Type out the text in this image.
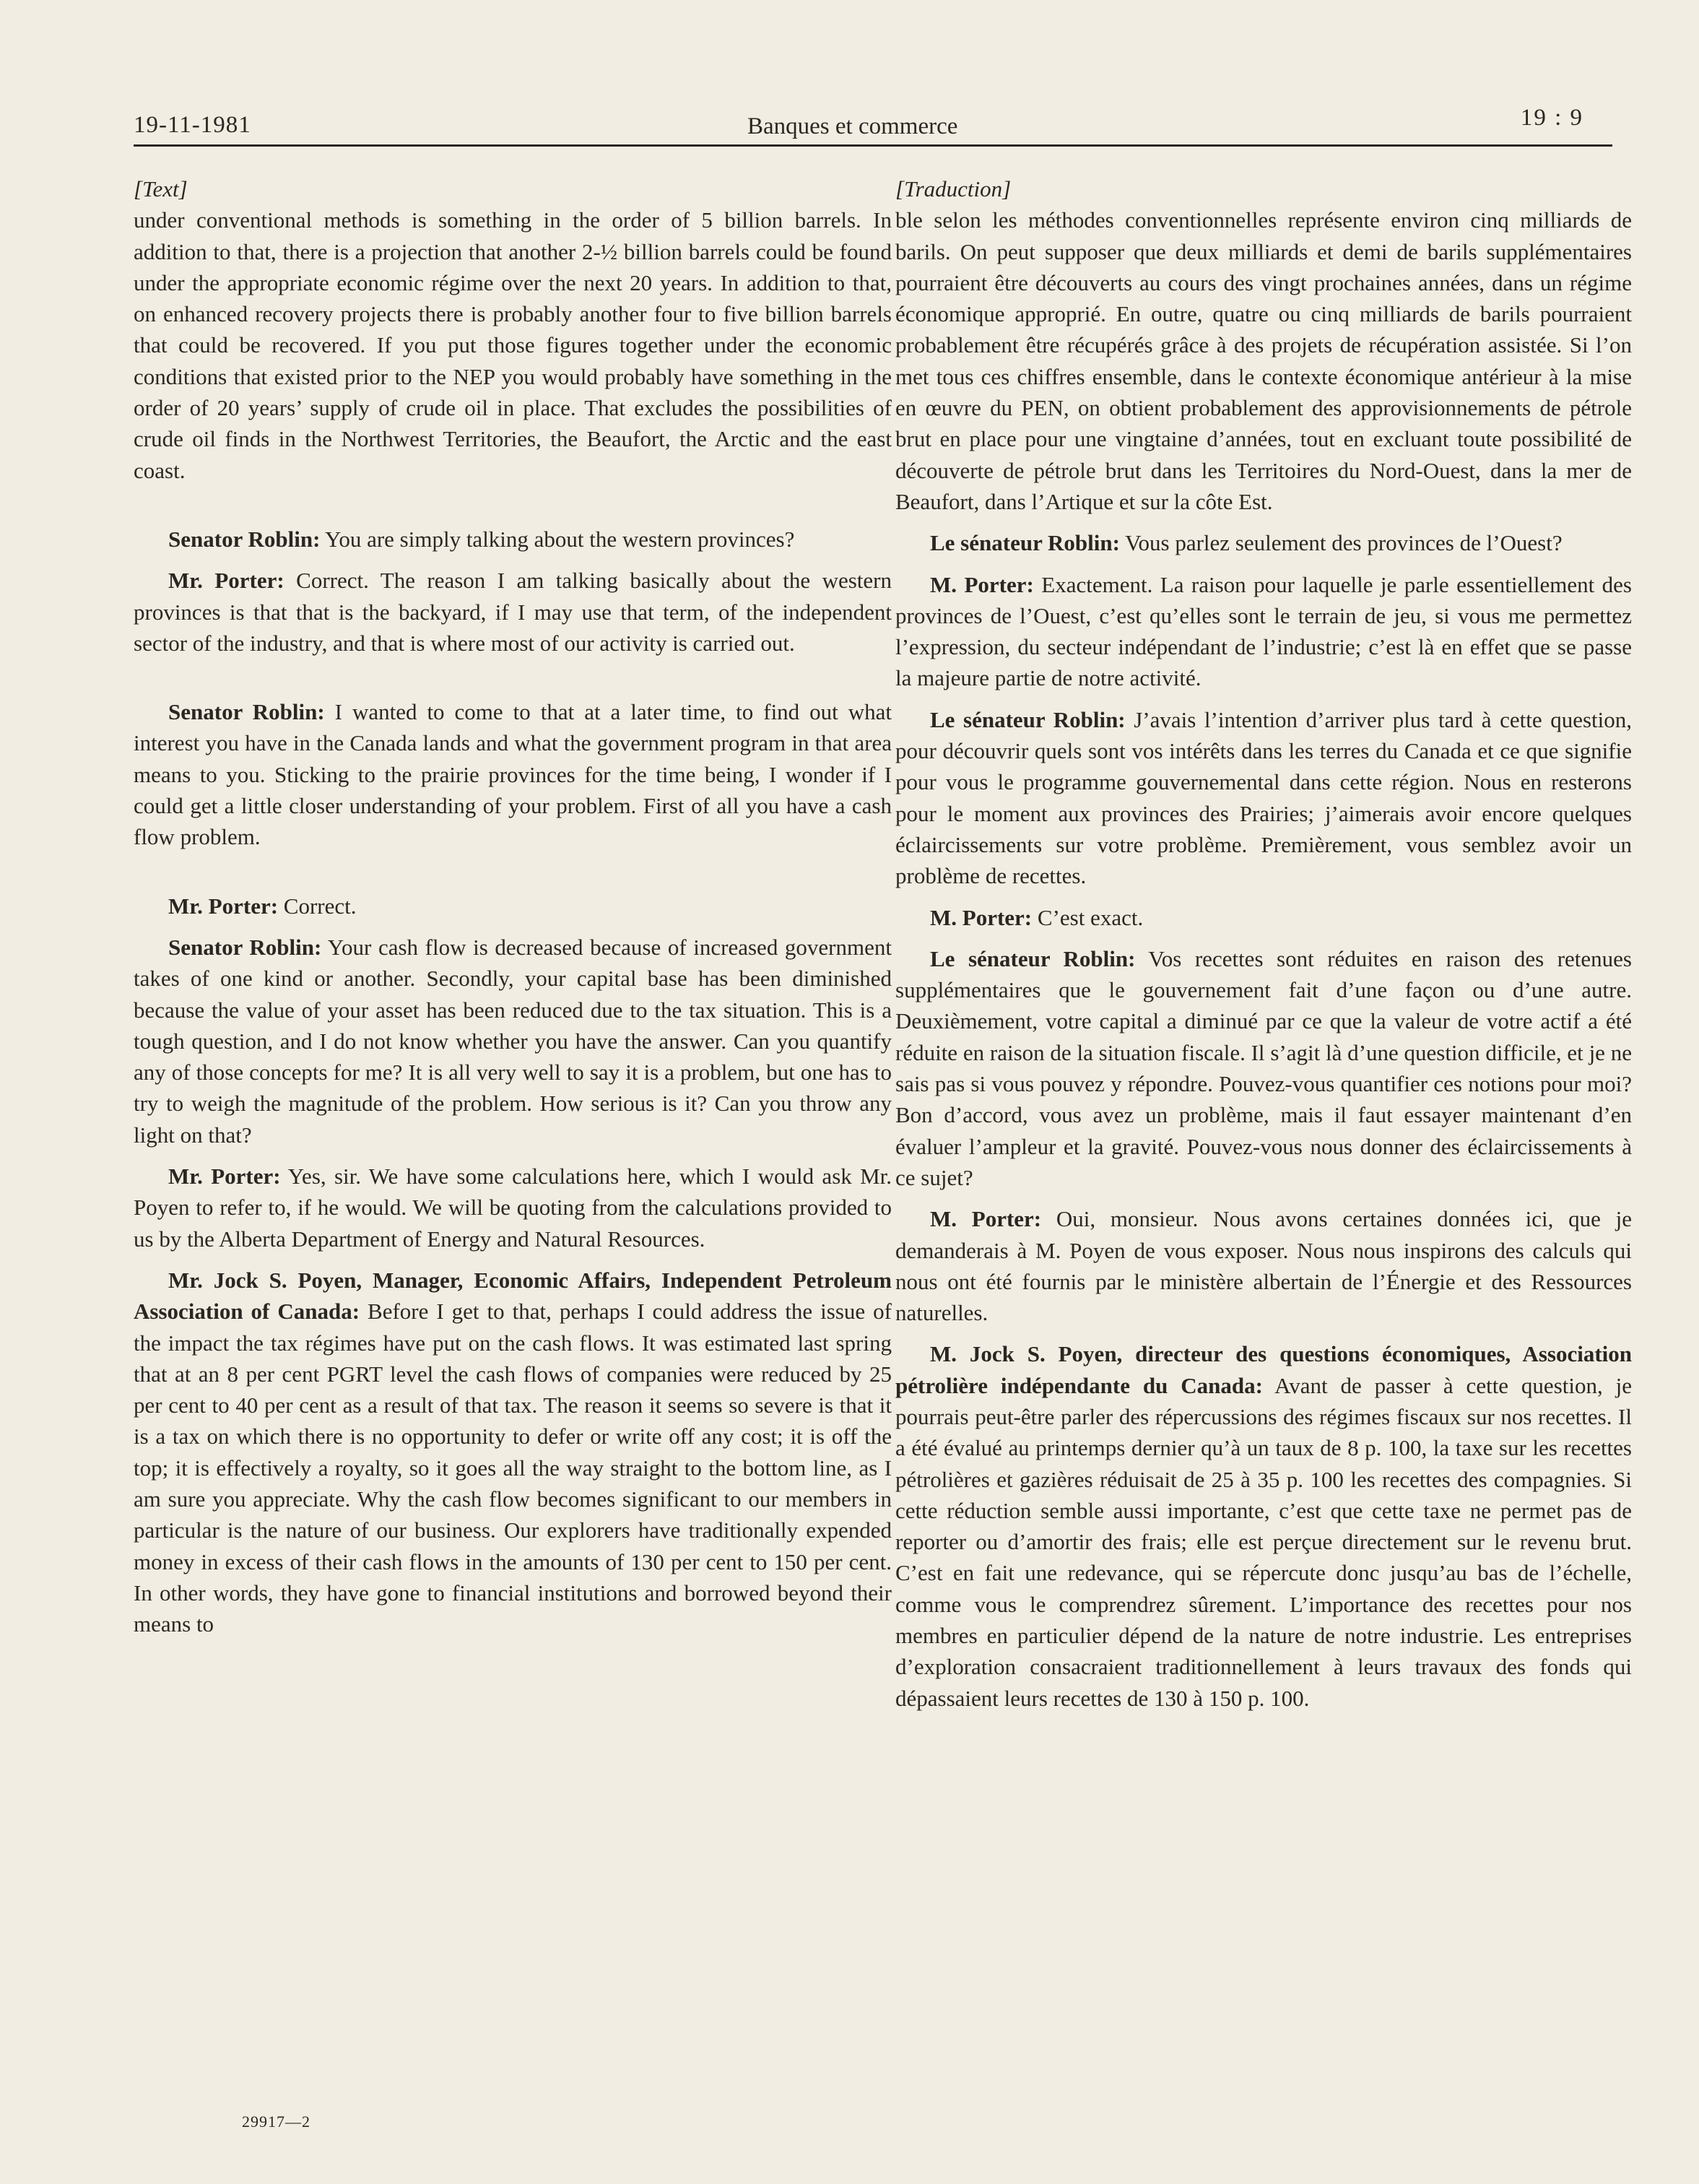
19-11-1981	Banques et commerce	19 : 9

[Text]

under conventional methods is something in the order of 5 billion barrels. In addition to that, there is a projection that another 2-½ billion barrels could be found under the appropriate economic régime over the next 20 years. In addition to that, on enhanced recovery projects there is probably another four to five billion barrels that could be recovered. If you put those figures together under the economic conditions that existed prior to the NEP you would probably have something in the order of 20 years’ supply of crude oil in place. That excludes the possibilities of crude oil finds in the Northwest Territories, the Beaufort, the Arctic and the east coast.

Senator Roblin: You are simply talking about the western provinces?

Mr. Porter: Correct. The reason I am talking basically about the western provinces is that that is the backyard, if I may use that term, of the independent sector of the industry, and that is where most of our activity is carried out.

Senator Roblin: I wanted to come to that at a later time, to find out what interest you have in the Canada lands and what the government program in that area means to you. Sticking to the prairie provinces for the time being, I wonder if I could get a little closer understanding of your problem. First of all you have a cash flow problem.

Mr. Porter: Correct.

Senator Roblin: Your cash flow is decreased because of increased government takes of one kind or another. Secondly, your capital base has been diminished because the value of your asset has been reduced due to the tax situation. This is a tough question, and I do not know whether you have the answer. Can you quantify any of those concepts for me? It is all very well to say it is a problem, but one has to try to weigh the magnitude of the problem. How serious is it? Can you throw any light on that?

Mr. Porter: Yes, sir. We have some calculations here, which I would ask Mr. Poyen to refer to, if he would. We will be quoting from the calculations provided to us by the Alberta Department of Energy and Natural Resources.

Mr. Jock S. Poyen, Manager, Economic Affairs, Independent Petroleum Association of Canada: Before I get to that, perhaps I could address the issue of the impact the tax régimes have put on the cash flows. It was estimated last spring that at an 8 per cent PGRT level the cash flows of companies were reduced by 25 per cent to 40 per cent as a result of that tax. The reason it seems so severe is that it is a tax on which there is no opportunity to defer or write off any cost; it is off the top; it is effectively a royalty, so it goes all the way straight to the bottom line, as I am sure you appreciate. Why the cash flow becomes significant to our members in particular is the nature of our business. Our explorers have traditionally expended money in excess of their cash flows in the amounts of 130 per cent to 150 per cent. In other words, they have gone to financial institutions and borrowed beyond their means to

[Traduction]

ble selon les méthodes conventionnelles représente environ cinq milliards de barils. On peut supposer que deux milliards et demi de barils supplémentaires pourraient être découverts au cours des vingt prochaines années, dans un régime économique approprié. En outre, quatre ou cinq milliards de barils pourraient probablement être récupérés grâce à des projets de récupération assistée. Si l’on met tous ces chiffres ensemble, dans le contexte économique antérieur à la mise en œuvre du PEN, on obtient probablement des approvisionnements de pétrole brut en place pour une vingtaine d’années, tout en excluant toute possibilité de découverte de pétrole brut dans les Territoires du Nord-Ouest, dans la mer de Beaufort, dans l’Artique et sur la côte Est.

Le sénateur Roblin: Vous parlez seulement des provinces de l’Ouest?

M. Porter: Exactement. La raison pour laquelle je parle essentiellement des provinces de l’Ouest, c’est qu’elles sont le terrain de jeu, si vous me permettez l’expression, du secteur indépendant de l’industrie; c’est là en effet que se passe la majeure partie de notre activité.

Le sénateur Roblin: J’avais l’intention d’arriver plus tard à cette question, pour découvrir quels sont vos intérêts dans les terres du Canada et ce que signifie pour vous le programme gouvernemental dans cette région. Nous en resterons pour le moment aux provinces des Prairies; j’aimerais avoir encore quelques éclaircissements sur votre problème. Premièrement, vous semblez avoir un problème de recettes.

M. Porter: C’est exact.

Le sénateur Roblin: Vos recettes sont réduites en raison des retenues supplémentaires que le gouvernement fait d’une façon ou d’une autre. Deuxièmement, votre capital a diminué par ce que la valeur de votre actif a été réduite en raison de la situation fiscale. Il s’agit là d’une question difficile, et je ne sais pas si vous pouvez y répondre. Pouvez-vous quantifier ces notions pour moi? Bon d’accord, vous avez un problème, mais il faut essayer maintenant d’en évaluer l’ampleur et la gravité. Pouvez-vous nous donner des éclaircissements à ce sujet?

M. Porter: Oui, monsieur. Nous avons certaines données ici, que je demanderais à M. Poyen de vous exposer. Nous nous inspirons des calculs qui nous ont été fournis par le ministère albertain de l’Énergie et des Ressources naturelles.

M. Jock S. Poyen, directeur des questions économiques, Association pétrolière indépendante du Canada: Avant de passer à cette question, je pourrais peut-être parler des répercussions des régimes fiscaux sur nos recettes. Il a été évalué au printemps dernier qu’à un taux de 8 p. 100, la taxe sur les recettes pétrolières et gazières réduisait de 25 à 35 p. 100 les recettes des compagnies. Si cette réduction semble aussi importante, c’est que cette taxe ne permet pas de reporter ou d’amortir des frais; elle est perçue directement sur le revenu brut. C’est en fait une redevance, qui se répercute donc jusqu’au bas de l’échelle, comme vous le comprendrez sûrement. L’importance des recettes pour nos membres en particulier dépend de la nature de notre industrie. Les entreprises d’exploration consacraient traditionnellement à leurs travaux des fonds qui dépassaient leurs recettes de 130 à 150 p. 100.

29917—2
